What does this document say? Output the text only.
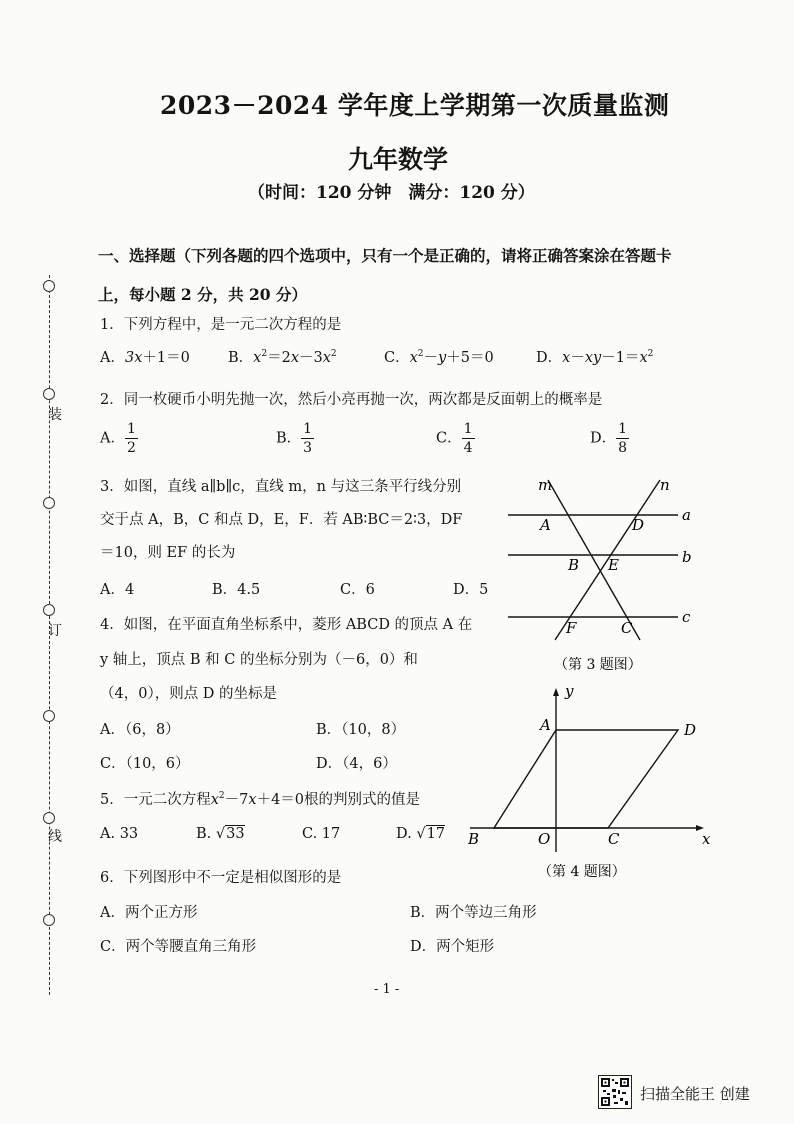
2023－2024 学年度上学期第一次质量监测
九年数学
（时间：120 分钟　满分：120 分）
装
订
线
一、选择题（下列各题的四个选项中，只有一个是正确的，请将正确答案涂在答题卡
上，每小题 2 分，共 20 分）
1．下列方程中，是一元二次方程的是
A．3x＋1＝0	B．$x^2=2x-3x^2$	C．$x^2-y+5=0$	D．$x-xy-1=x^2$
2．同一枚硬币小明先抛一次，然后小亮再抛一次，两次都是反面朝上的概率是
A． $\frac{1}{2}$	B． $\frac{1}{3}$	C． $\frac{1}{4}$	D． $\frac{1}{8}$
3．如图，直线 a∥b∥c，直线 m，n 与这三条平行线分别
交于点 A，B，C 和点 D，E，F．若 AB∶BC＝2∶3，DF
＝10，则 EF 的长为
A．4	B．4.5	C．6	D．5
m	n
a
b
c
A	D
B E
F	C
（第 3 题图）
4．如图，在平面直角坐标系中，菱形 ABCD 的顶点 A 在
y 轴上，顶点 B 和 C 的坐标分别为（－6，0）和
（4，0），则点 D 的坐标是
A．（6，8）	B．（10，8）
C．（10，6）	D．（4，6）
y
x
A	D
B	O	C
（第 4 题图）
5．一元二次方程$x^2-7x+4=0$根的判别式的值是
A. 33	B. √33	C. 17	D. √17
6．下列图形中不一定是相似图形的是
A．两个正方形	B．两个等边三角形
C．两个等腰直角三角形	D．两个矩形
- 1 -
扫描全能王 创建
